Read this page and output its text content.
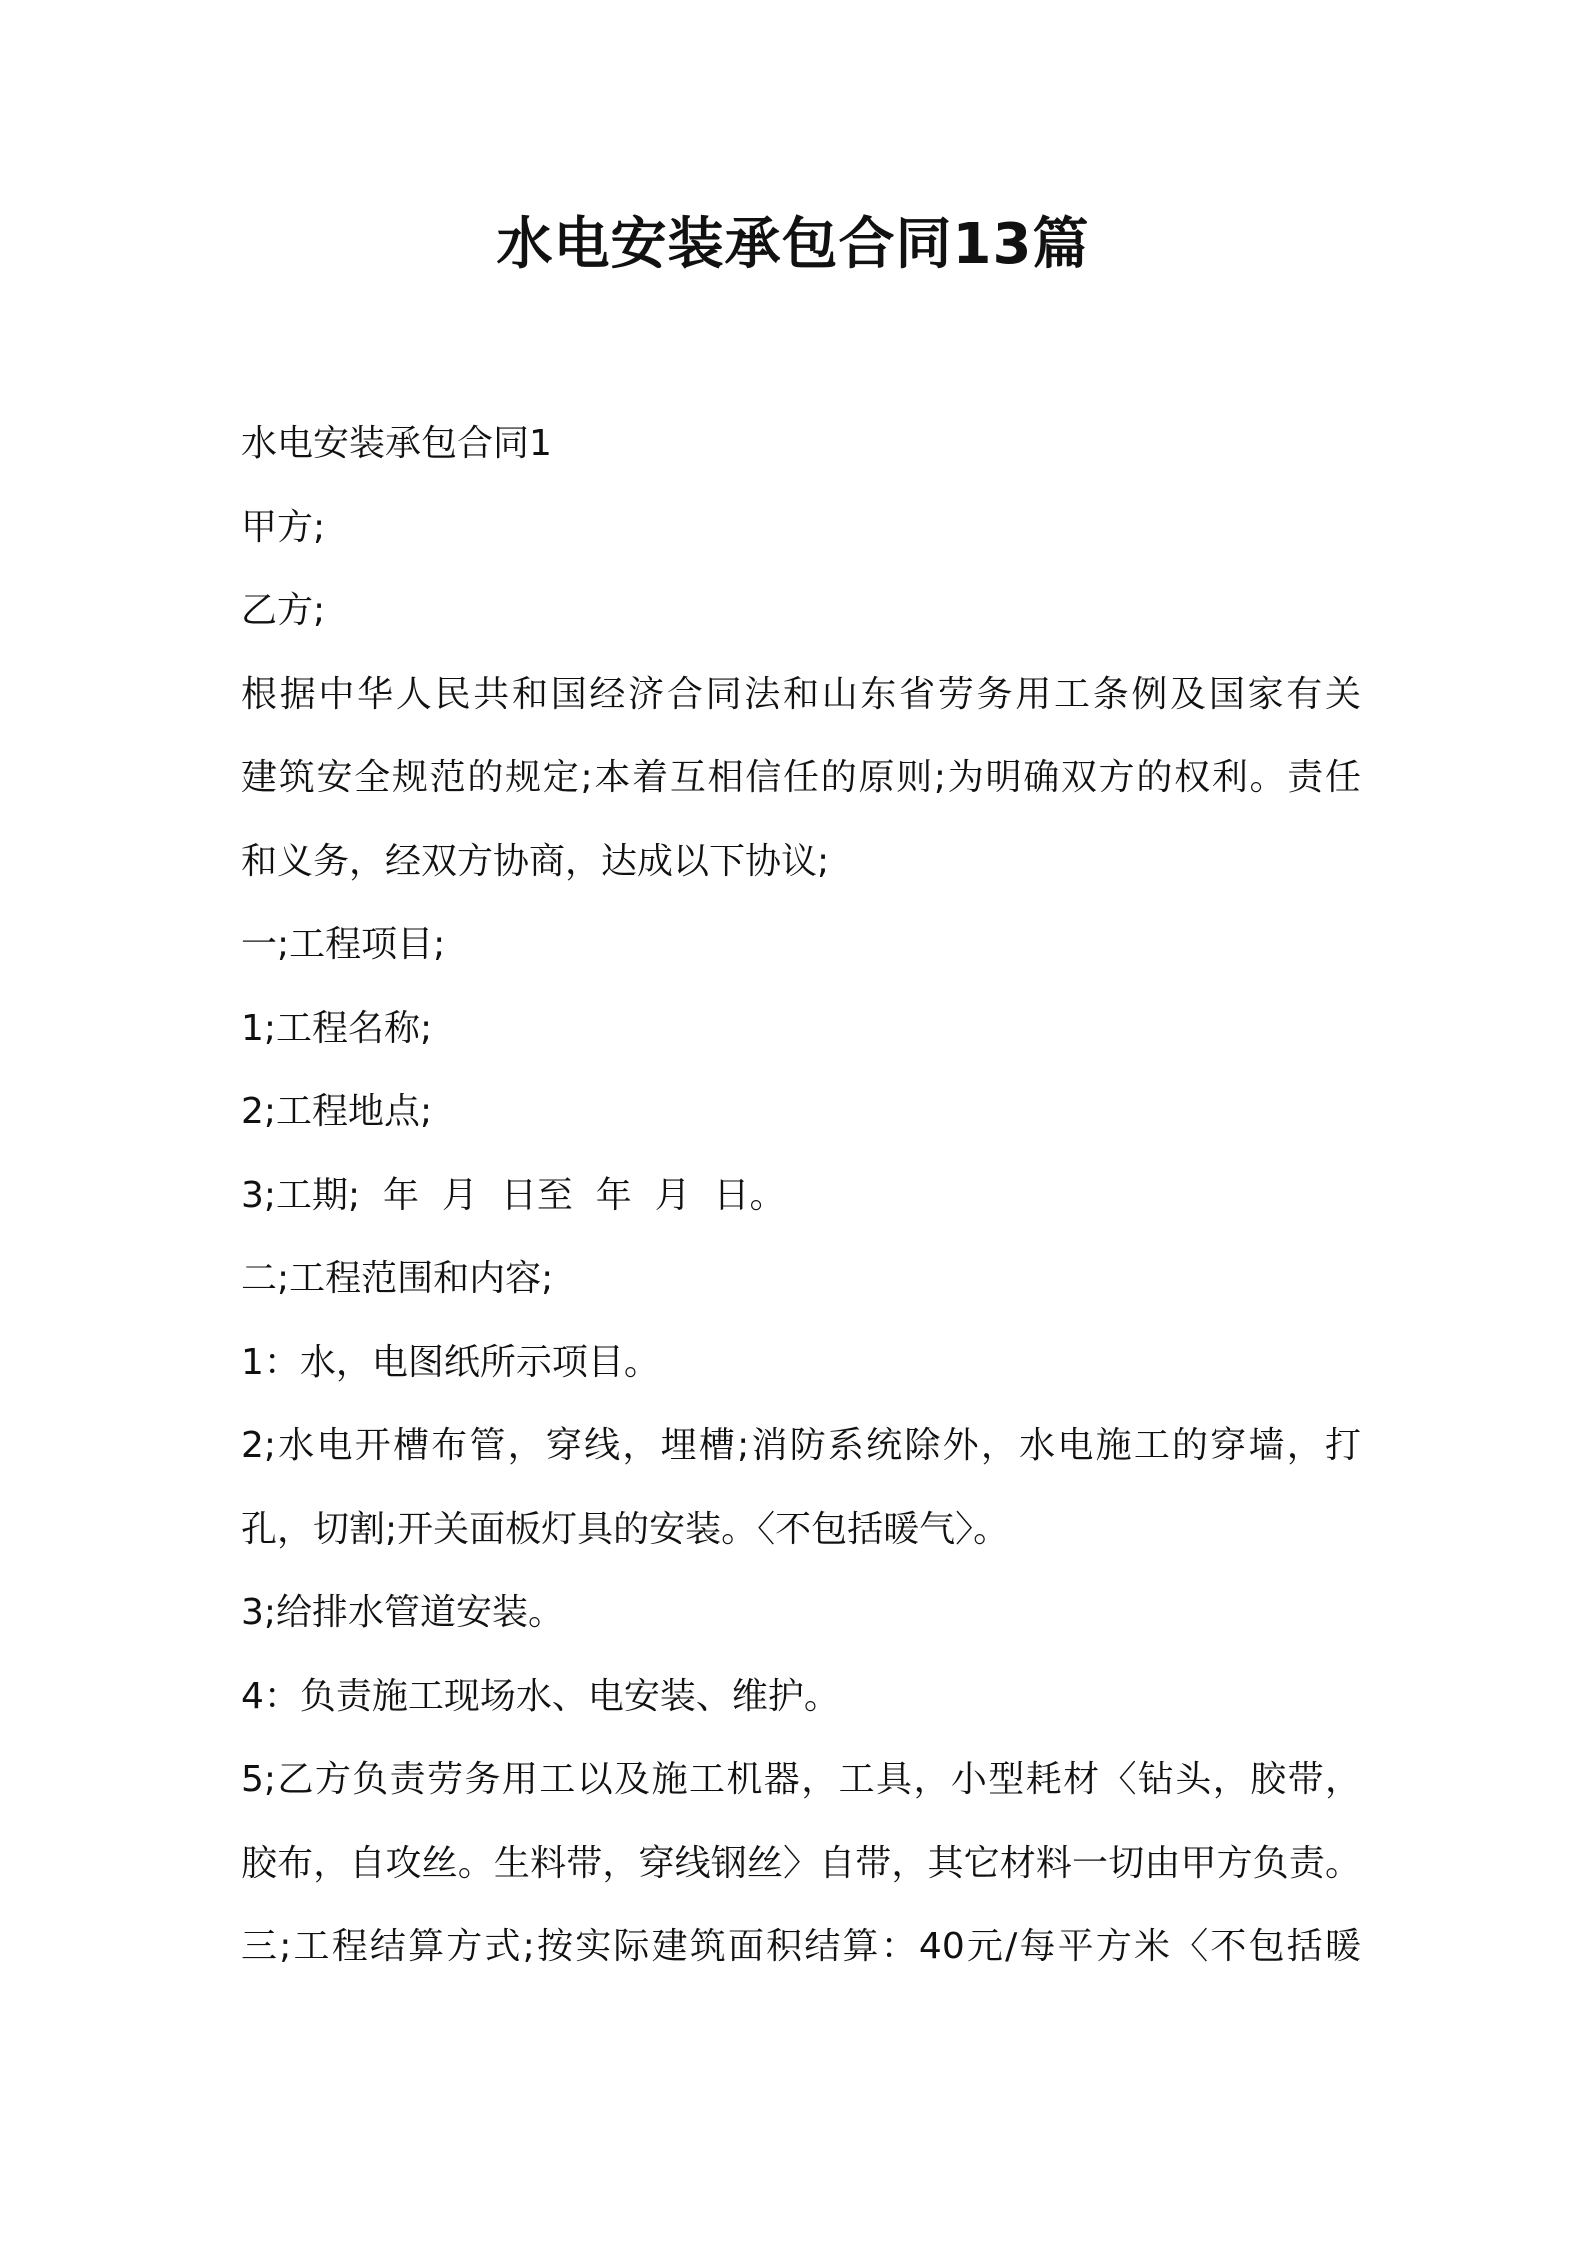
水电安装承包合同13篇
水电安装承包合同1
甲方;
乙方;
根据中华人民共和国经济合同法和山东省劳务用工条例及国家有关
建筑安全规范的规定;本着互相信任的原则;为明确双方的权利。责任
和义务，经双方协商，达成以下协议;
一;工程项目;
1;工程名称;
2;工程地点;
3;工期;  年  月  日至  年  月  日。
二;工程范围和内容;
1：水，电图纸所示项目。
2;水电开槽布管，穿线，埋槽;消防系统除外，水电施工的穿墙，打
孔，切割;开关面板灯具的安装。〈不包括暖气〉。
3;给排水管道安装。
4：负责施工现场水、电安装、维护。
5;乙方负责劳务用工以及施工机器，工具，小型耗材〈钻头，胶带，
胶布，自攻丝。生料带，穿线钢丝〉自带，其它材料一切由甲方负责。
三;工程结算方式;按实际建筑面积结算：40元/每平方米〈不包括暖
